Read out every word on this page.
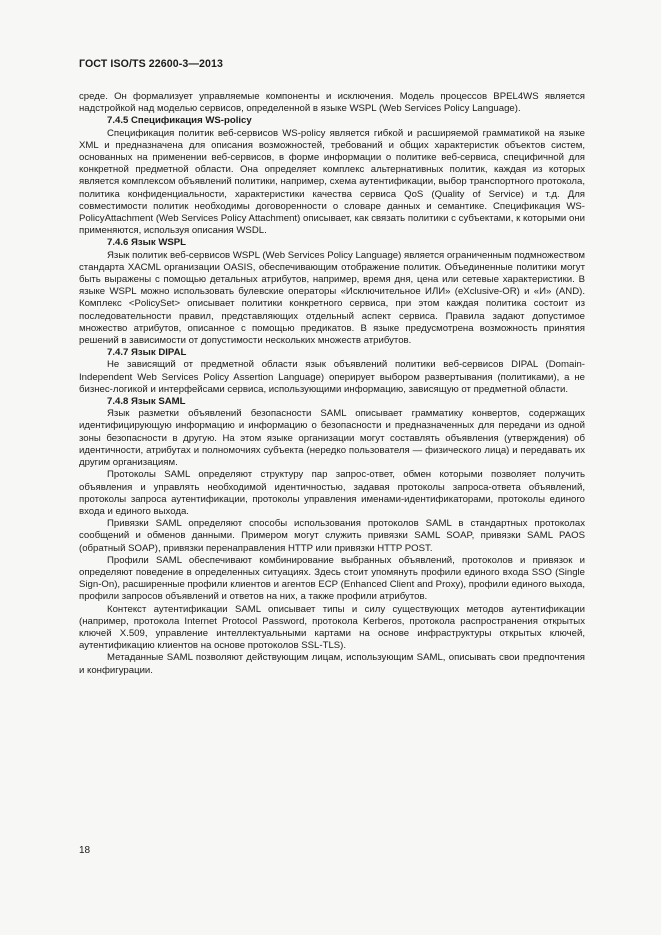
ГОСТ ISO/TS 22600-3—2013

среде. Он формализует управляемые компоненты и исключения. Модель процессов BPEL4WS является надстройкой над моделью сервисов, определенной в языке WSPL (Web Services Policy Language).

7.4.5 Спецификация WS-policy

Спецификация политик веб-сервисов WS-policy является гибкой и расширяемой грамматикой на языке XML и предназначена для описания возможностей, требований и общих характеристик объектов систем, основанных на применении веб-сервисов, в форме информации о политике веб-сервиса, специфичной для конкретной предметной области. Она определяет комплекс альтернативных политик, каждая из которых является комплексом объявлений политики, например, схема аутентификации, выбор транспортного протокола, политика конфиденциальности, характеристики качества сервиса QoS (Quality of Service) и т.д. Для совместимости политик необходимы договоренности о словаре данных и семантике. Спецификация WS-PolicyAttachment (Web Services Policy Attachment) описывает, как связать политики с субъектами, к которыми они применяются, используя описания WSDL.

7.4.6 Язык WSPL

Язык политик веб-сервисов WSPL (Web Services Policy Language) является ограниченным подмножеством стандарта XACML организации OASIS, обеспечивающим отображение политик. Объединенные политики могут быть выражены с помощью детальных атрибутов, например, время дня, цена или сетевые характеристики. В языке WSPL можно использовать булевские операторы «Исключительное ИЛИ» (eXclusive-OR) и «И» (AND). Комплекс <PolicySet> описывает политики конкретного сервиса, при этом каждая политика состоит из последовательности правил, представляющих отдельный аспект сервиса. Правила задают допустимое множество атрибутов, описанное с помощью предикатов. В языке предусмотрена возможность принятия решений в зависимости от допустимости нескольких множеств атрибутов.

7.4.7 Язык DIPAL

Не зависящий от предметной области язык объявлений политики веб-сервисов DIPAL (Domain-Independent Web Services Policy Assertion Language) оперирует выбором развертывания (политиками), а не бизнес-логикой и интерфейсами сервиса, использующими информацию, зависящую от предметной области.

7.4.8 Язык SAML

Язык разметки объявлений безопасности SAML описывает грамматику конвертов, содержащих идентифицирующую информацию и информацию о безопасности и предназначенных для передачи из одной зоны безопасности в другую. На этом языке организации могут составлять объявления (утверждения) об идентичности, атрибутах и полномочиях субъекта (нередко пользователя — физического лица) и передавать их другим организациям.

Протоколы SAML определяют структуру пар запрос-ответ, обмен которыми позволяет получить объявления и управлять необходимой идентичностью, задавая протоколы запроса-ответа объявлений, протоколы запроса аутентификации, протоколы управления именами-идентификаторами, протоколы единого входа и единого выхода.

Привязки SAML определяют способы использования протоколов SAML в стандартных протоколах сообщений и обменов данными. Примером могут служить привязки SAML SOAP, привязки SAML PAOS (обратный SOAP), привязки перенаправления HTTP или привязки HTTP POST.

Профили SAML обеспечивают комбинирование выбранных объявлений, протоколов и привязок и определяют поведение в определенных ситуациях. Здесь стоит упомянуть профили единого входа SSO (Single Sign-On), расширенные профили клиентов и агентов ECP (Enhanced Client and Proxy), профили единого выхода, профили запросов объявлений и ответов на них, а также профили атрибутов.

Контекст аутентификации SAML описывает типы и силу существующих методов аутентификации (например, протокола Internet Protocol Password, протокола Kerberos, протокола распространения открытых ключей X.509, управление интеллектуальными картами на основе инфраструктуры открытых ключей, аутентификацию клиентов на основе протоколов SSL-TLS).

Метаданные SAML позволяют действующим лицам, использующим SAML, описывать свои предпочтения и конфигурации.

18
